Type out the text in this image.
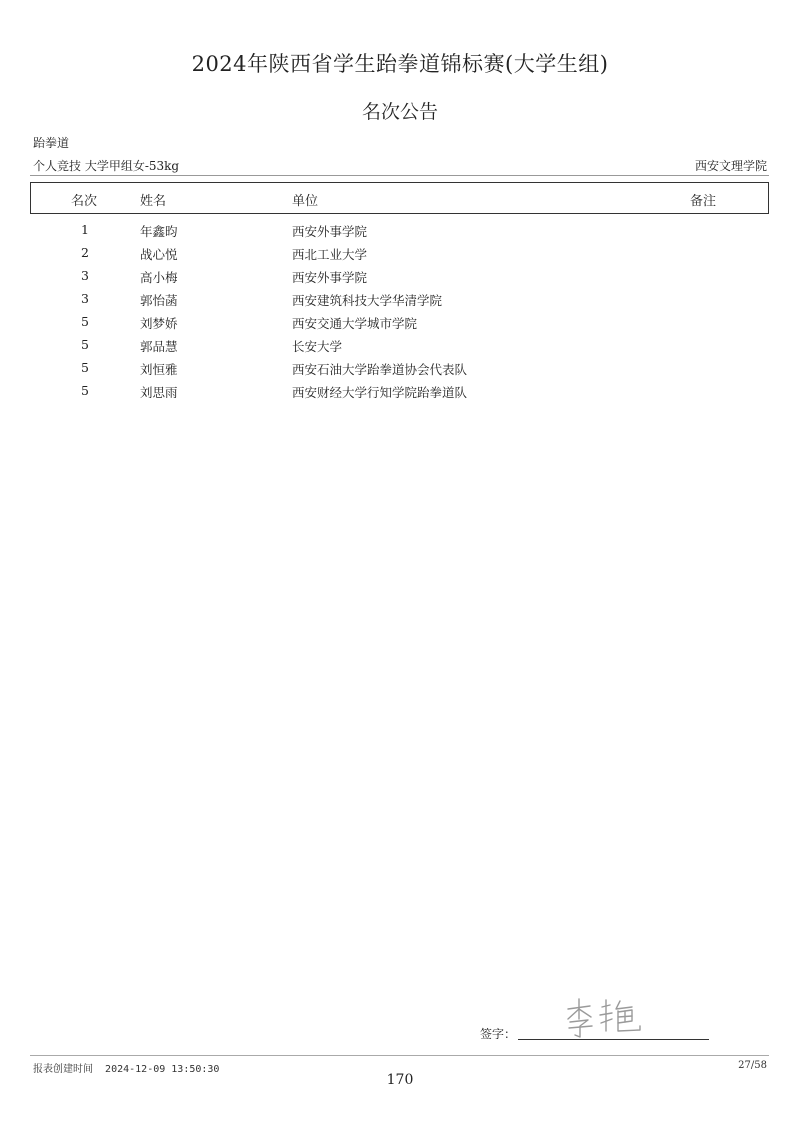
2024年陕西省学生跆拳道锦标赛(大学生组)
名次公告
跆拳道
个人竞技 大学甲组女-53kg	西安文理学院
名次	姓名	单位	备注
1	年鑫昀	西安外事学院
2	战心悦	西北工业大学
3	高小梅	西安外事学院
3	郭怡菡	西安建筑科技大学华清学院
5	刘梦娇	西安交通大学城市学院
5	郭品慧	长安大学
5	刘恒雅	西安石油大学跆拳道协会代表队
5	刘思雨	西安财经大学行知学院跆拳道队
签字：
报表创建时间 2024-12-09 13:50:30	27/58
170
